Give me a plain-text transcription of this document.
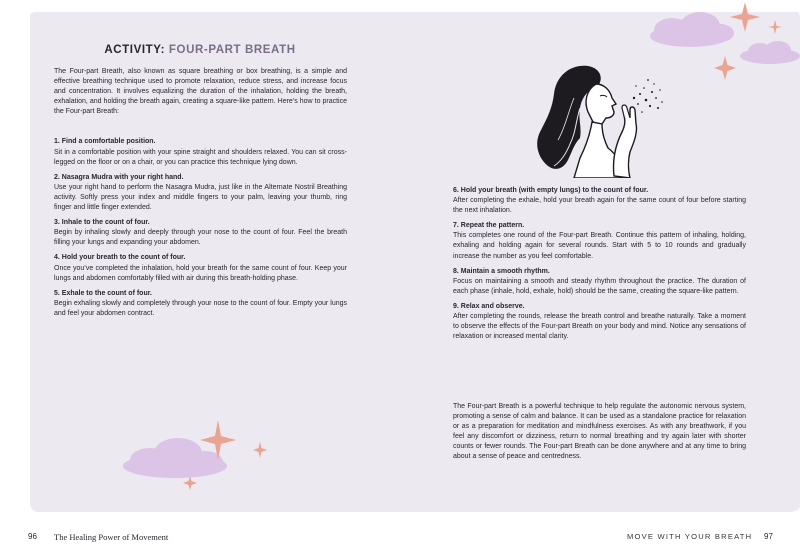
ACTIVITY: FOUR-PART BREATH

The Four-part Breath, also known as square breathing or box breathing, is a simple and effective breathing technique used to promote relaxation, reduce stress, and increase focus and concentration. It involves equalizing the duration of the inhalation, holding the breath, exhalation, and holding the breath again, creating a square-like pattern. Here’s how to practice the Four-part Breath:

1. Find a comfortable position.

Sit in a comfortable position with your spine straight and shoulders relaxed. You can sit cross-legged on the floor or on a chair, or you can practice this technique lying down.

2. Nasagra Mudra with your right hand.

Use your right hand to perform the Nasagra Mudra, just like in the Alternate Nostril Breathing activity. Softly press your index and middle fingers to your palm, leaving your thumb, ring finger and little finger extended.

3. Inhale to the count of four.

Begin by inhaling slowly and deeply through your nose to the count of four. Feel the breath filling your lungs and expanding your abdomen.

4. Hold your breath to the count of four.

Once you’ve completed the inhalation, hold your breath for the same count of four. Keep your lungs and abdomen comfortably filled with air during this breath-holding phase.

5. Exhale to the count of four.

Begin exhaling slowly and completely through your nose to the count of four. Empty your lungs and feel your abdomen contract.

6. Hold your breath (with empty lungs) to the count of four.

After completing the exhale, hold your breath again for the same count of four before starting the next inhalation.

7. Repeat the pattern.

This completes one round of the Four-part Breath. Continue this pattern of inhaling, holding, exhaling and holding again for several rounds. Start with 5 to 10 rounds and gradually increase the number as you feel comfortable.

8. Maintain a smooth rhythm.

Focus on maintaining a smooth and steady rhythm throughout the practice. The duration of each phase (inhale, hold, exhale, hold) should be the same, creating the square-like pattern.

9. Relax and observe.

After completing the rounds, release the breath control and breathe naturally. Take a moment to observe the effects of the Four-part Breath on your body and mind. Notice any sensations of relaxation or increased mental clarity.

The Four-part Breath is a powerful technique to help regulate the autonomic nervous system, promoting a sense of calm and balance. It can be used as a standalone practice for relaxation or as a preparation for meditation and mindfulness exercises. As with any breathwork, if you feel any discomfort or dizziness, return to normal breathing and try again later with shorter counts or fewer rounds. The Four-part Breath can be done anywhere and at any time to bring about a sense of peace and centredness.

96 The Healing Power of Movement	MOVE WITH YOUR BREATH 97
